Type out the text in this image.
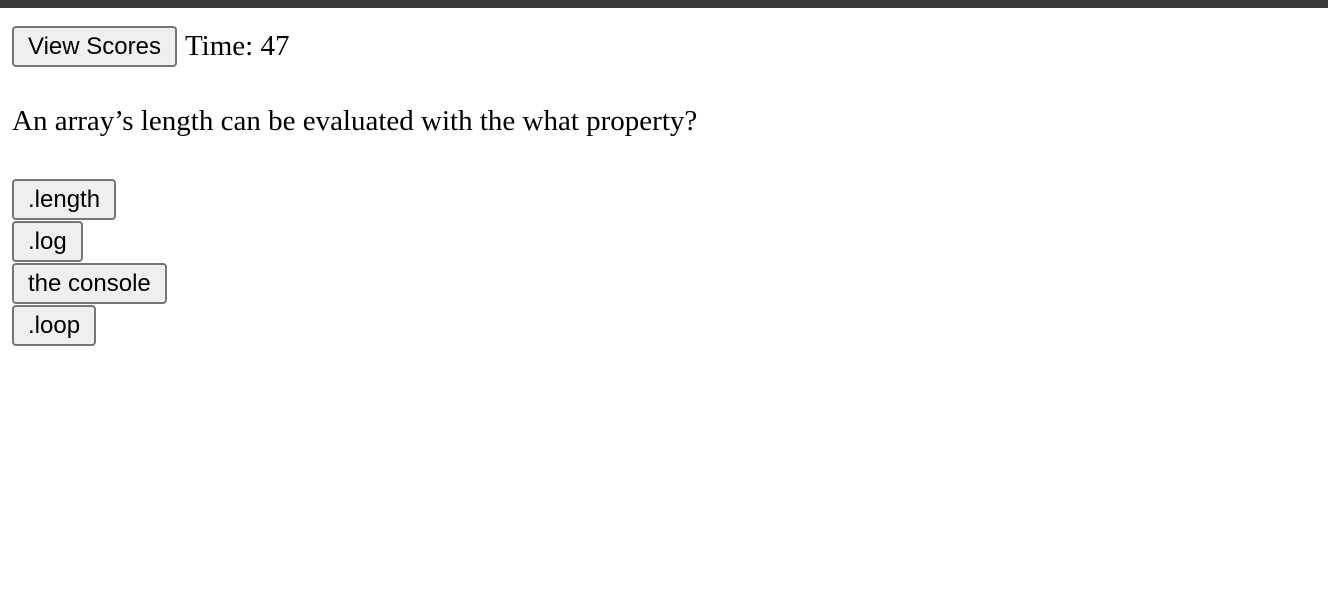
View Scores Time: 47
An array’s length can be evaluated with the what property?
.length
.log
the console
.loop
